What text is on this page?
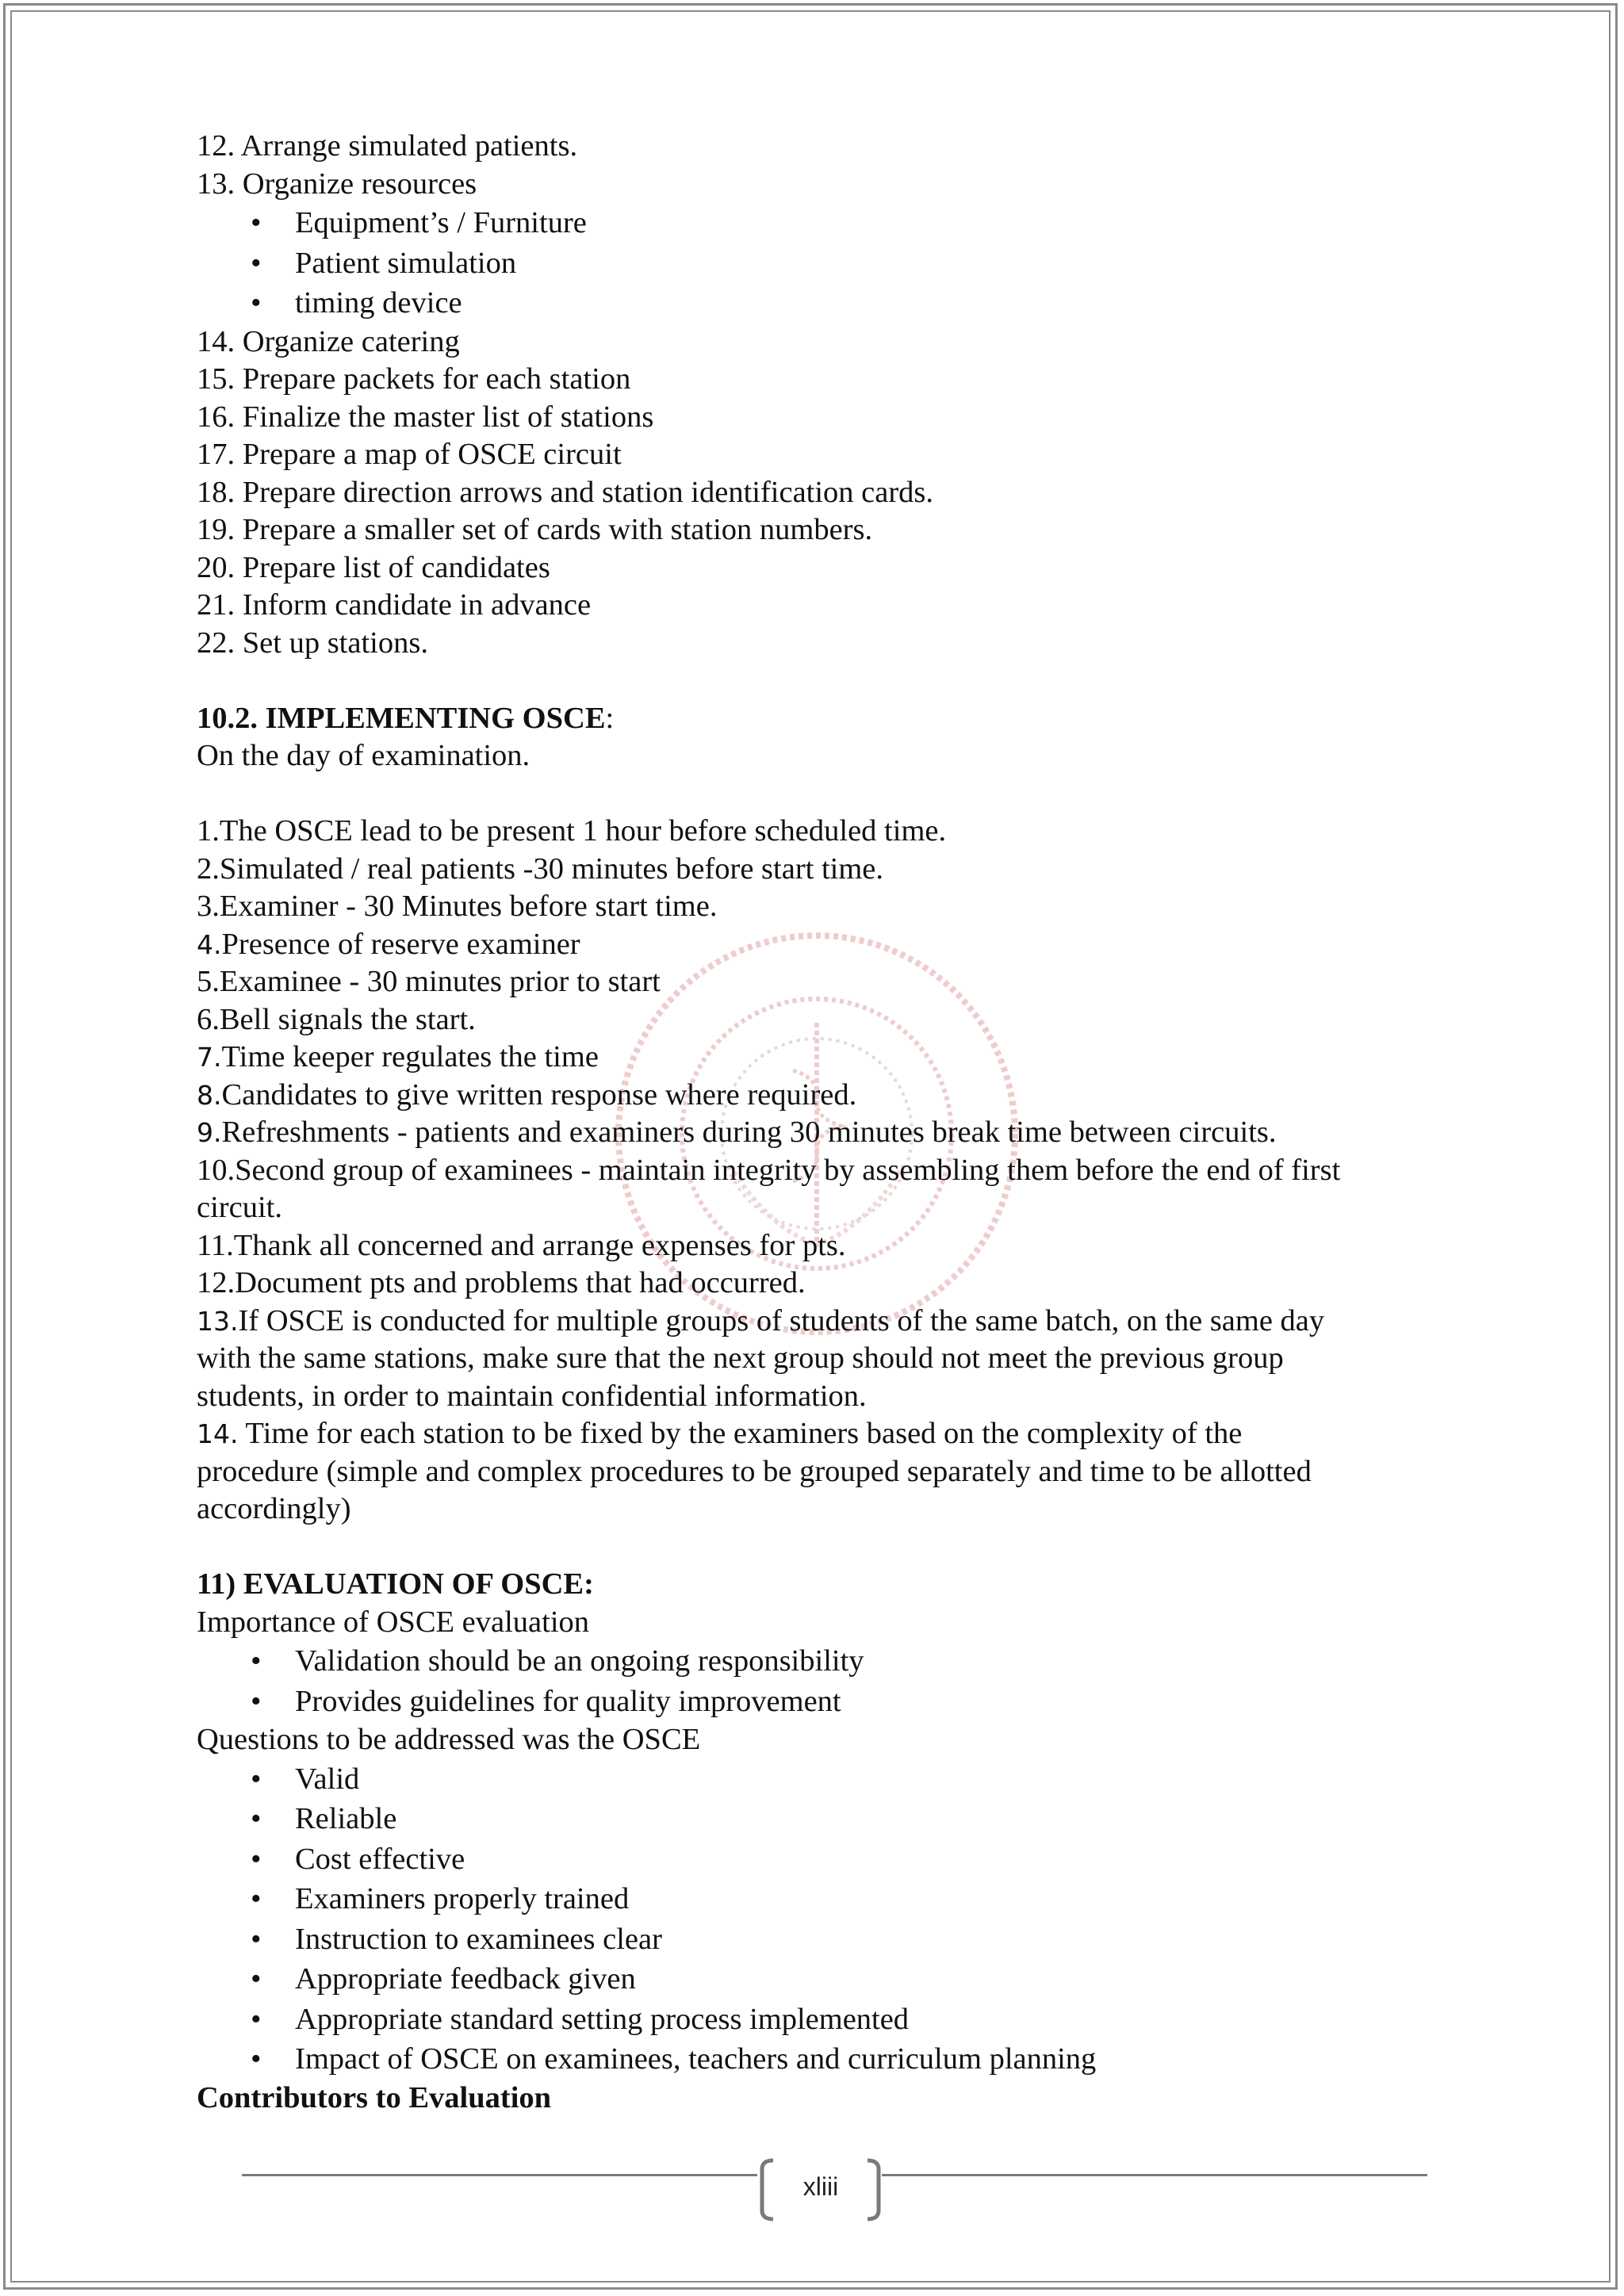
12. Arrange simulated patients.
13. Organize resources
•	Equipment’s / Furniture
•	Patient simulation
•	timing device
14. Organize catering
15. Prepare packets for each station
16. Finalize the master list of stations
17. Prepare a map of OSCE circuit
18. Prepare direction arrows and station identification cards.
19. Prepare a smaller set of cards with station numbers.
20. Prepare list of candidates
21. Inform candidate in advance
22. Set up stations.
10.2. IMPLEMENTING OSCE:
On the day of examination.
1.The OSCE lead to be present 1 hour before scheduled time.
2.Simulated / real patients -30 minutes before start time.
3.Examiner - 30 Minutes before start time.
4.Presence of reserve examiner
5.Examinee - 30 minutes prior to start
6.Bell signals the start.
7.Time keeper regulates the time
8.Candidates to give written response where required.
9.Refreshments - patients and examiners during 30 minutes break time between circuits.
10.Second group of examinees - maintain integrity by assembling them before the end of first
circuit.
11.Thank all concerned and arrange expenses for pts.
12.Document pts and problems that had occurred.
13.If OSCE is conducted for multiple groups of students of the same batch, on the same day
with the same stations, make sure that the next group should not meet the previous group
students, in order to maintain confidential information.
14. Time for each station to be fixed by the examiners based on the complexity of the
procedure (simple and complex procedures to be grouped separately and time to be allotted
accordingly)
11) EVALUATION OF OSCE:
Importance of OSCE evaluation
•	Validation should be an ongoing responsibility
•	Provides guidelines for quality improvement
Questions to be addressed was the OSCE
•	Valid
•	Reliable
•	Cost effective
•	Examiners properly trained
•	Instruction to examinees clear
•	Appropriate feedback given
•	Appropriate standard setting process implemented
•	Impact of OSCE on examinees, teachers and curriculum planning
Contributors to Evaluation
xliii
